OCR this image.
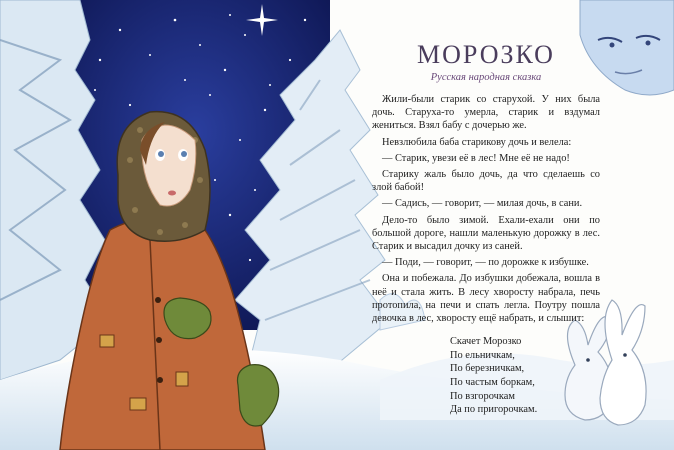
МОРОЗКО
Русская народная сказка

Жили-были старик со старухой. У них была дочь. Старуха-то умерла, старик и вздумал жениться. Взял бабу с дочерью же.

Невзлюбила баба старикову дочь и велела:

— Старик, увези её в лес! Мне её не надо!

Старику жаль было дочь, да что сделаешь со злой бабой!

— Садись, — говорит, — милая дочь, в сани.

Дело-то было зимой. Ехали-ехали они по большой дороге, нашли маленькую дорожку в лес. Старик и высадил дочку из саней.

— Поди, — говорит, — по дорожке к избушке.

Она и побежала. До избушки добежала, вошла в неё и стала жить. В лесу хворосту набрала, печь протопила, на печи и спать легла. Поутру пошла девочка в лес, хворосту ещё набрать, и слышит:

Скачет Морозко
По ельничкам,
По березничкам,
По частым боркам,
По взгорочкам
Да по пригорочкам.
